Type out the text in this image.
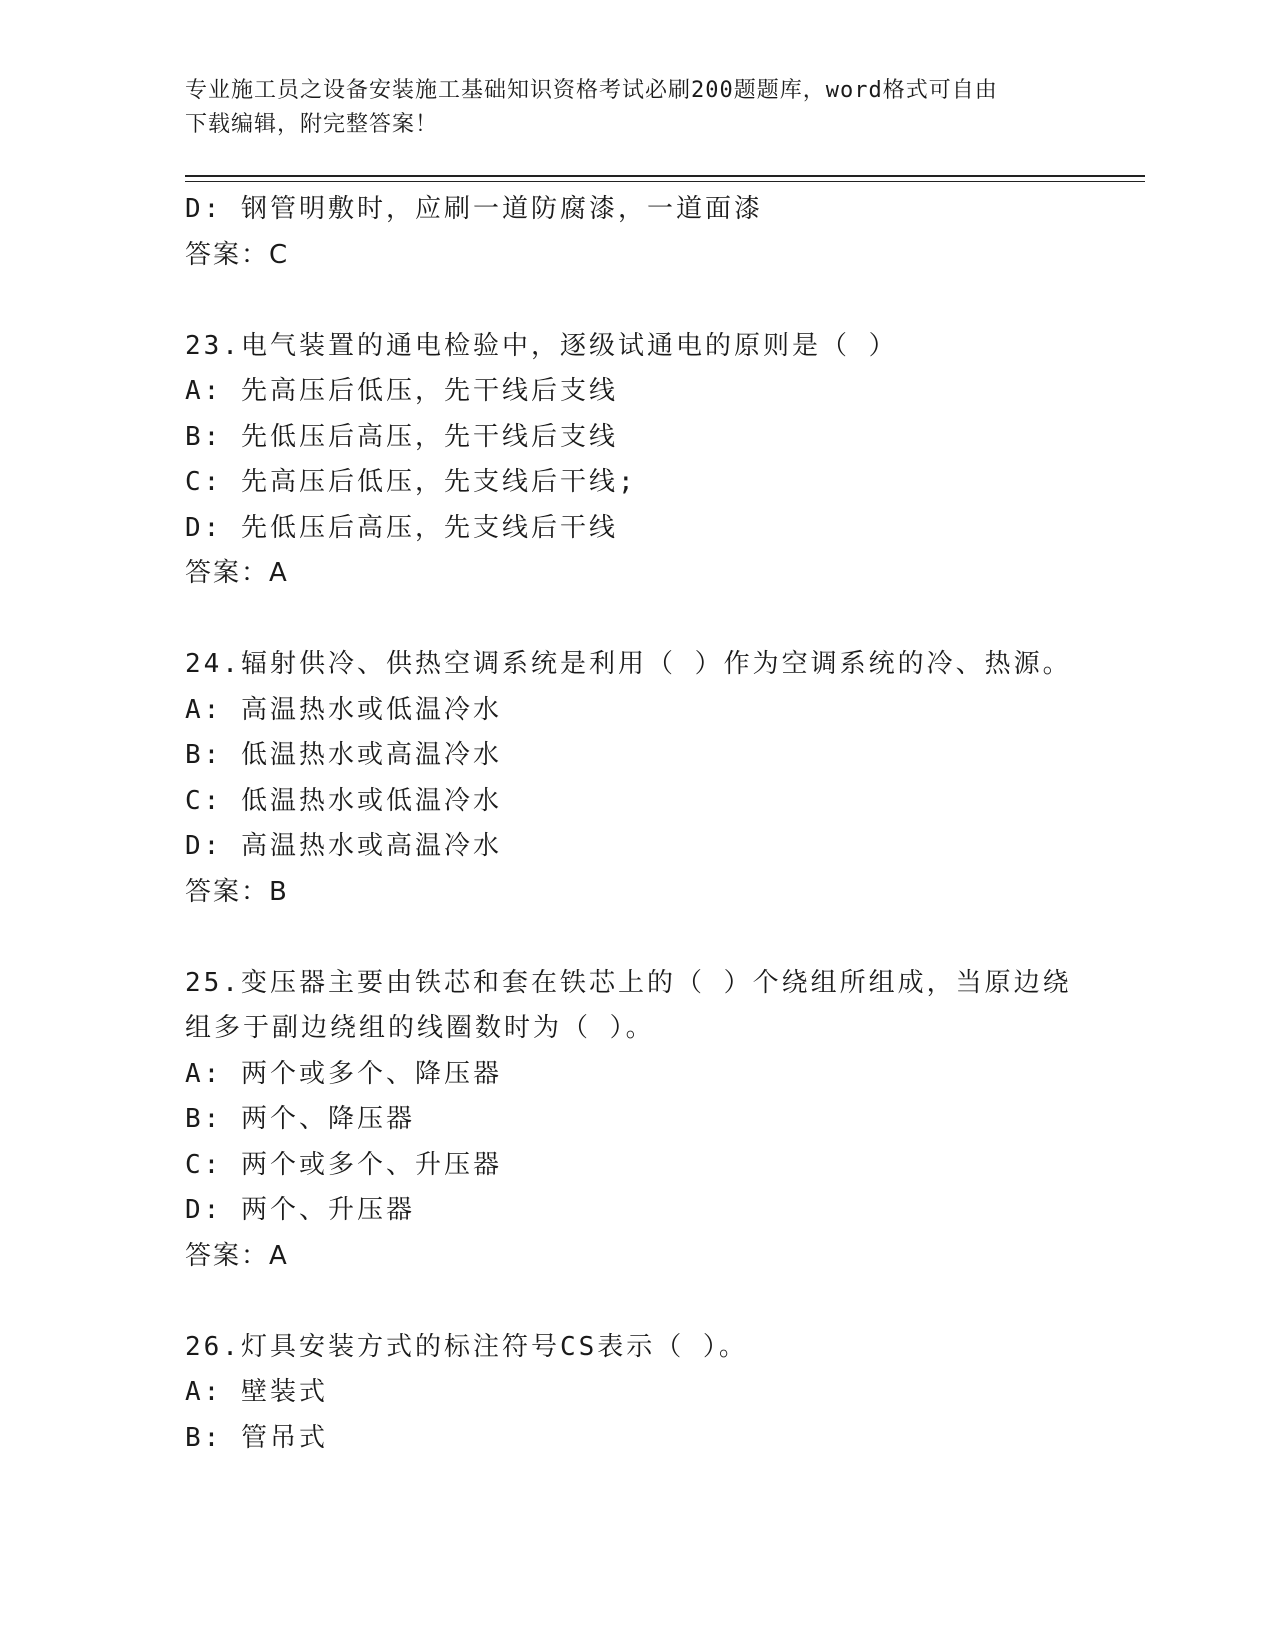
专业施工员之设备安装施工基础知识资格考试必刷200题题库，word格式可自由
下载编辑，附完整答案！
D: 钢管明敷时，应刷一道防腐漆，一道面漆
答案：C
23.电气装置的通电检验中，逐级试通电的原则是（ ）
A: 先高压后低压，先干线后支线
B: 先低压后高压，先干线后支线
C: 先高压后低压，先支线后干线;
D: 先低压后高压，先支线后干线
答案：A
24.辐射供冷、供热空调系统是利用（ ）作为空调系统的冷、热源。
A: 高温热水或低温冷水
B: 低温热水或高温冷水
C: 低温热水或低温冷水
D: 高温热水或高温冷水
答案：B
25.变压器主要由铁芯和套在铁芯上的（ ）个绕组所组成，当原边绕
组多于副边绕组的线圈数时为（ ）。
A: 两个或多个、降压器
B: 两个、降压器
C: 两个或多个、升压器
D: 两个、升压器
答案：A
26.灯具安装方式的标注符号CS表示（ ）。
A: 壁装式
B: 管吊式
